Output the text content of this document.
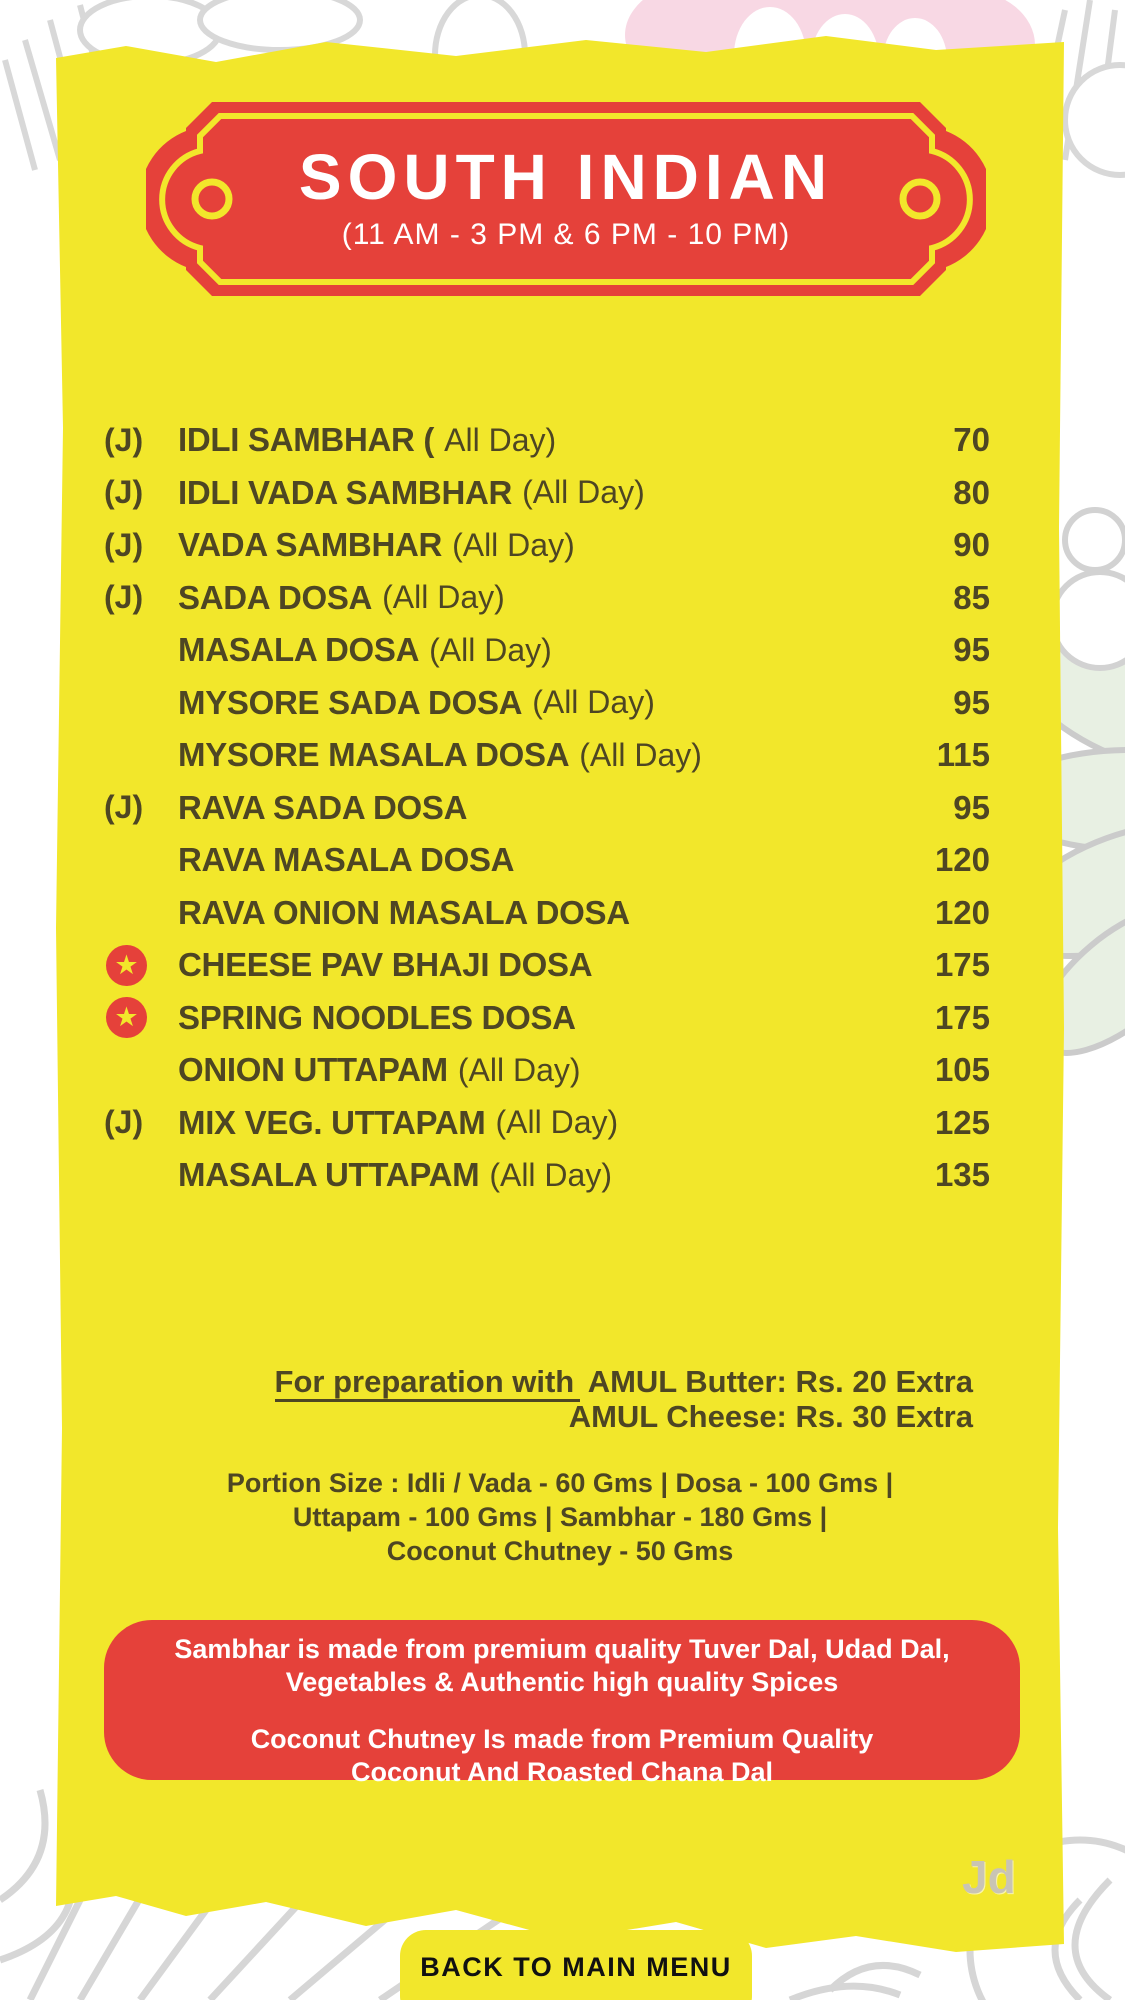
SOUTH INDIAN
(11 AM - 3 PM & 6 PM - 10 PM)
(J) IDLI SAMBHAR ( All Day)	70
(J) IDLI VADA SAMBHAR (All Day)	80
(J) VADA SAMBHAR (All Day)	90
(J) SADA DOSA (All Day)	85
MASALA DOSA (All Day)	95
MYSORE SADA DOSA (All Day)	95
MYSORE MASALA DOSA (All Day)	115
(J) RAVA SADA DOSA	95
RAVA MASALA DOSA	120
RAVA ONION MASALA DOSA	120
★ CHEESE PAV BHAJI DOSA	175
★ SPRING NOODLES DOSA	175
ONION UTTAPAM (All Day)	105
(J) MIX VEG. UTTAPAM (All Day)	125
MASALA UTTAPAM (All Day)	135
For preparation with AMUL Butter: Rs. 20 Extra
AMUL Cheese: Rs. 30 Extra
Portion Size : Idli / Vada - 60 Gms | Dosa - 100 Gms |
Uttapam - 100 Gms | Sambhar - 180 Gms |
Coconut Chutney - 50 Gms
Sambhar is made from premium quality Tuver Dal, Udad Dal,
Vegetables & Authentic high quality Spices
Coconut Chutney Is made from Premium Quality
Coconut And Roasted Chana Dal
Jd
BACK TO MAIN MENU
